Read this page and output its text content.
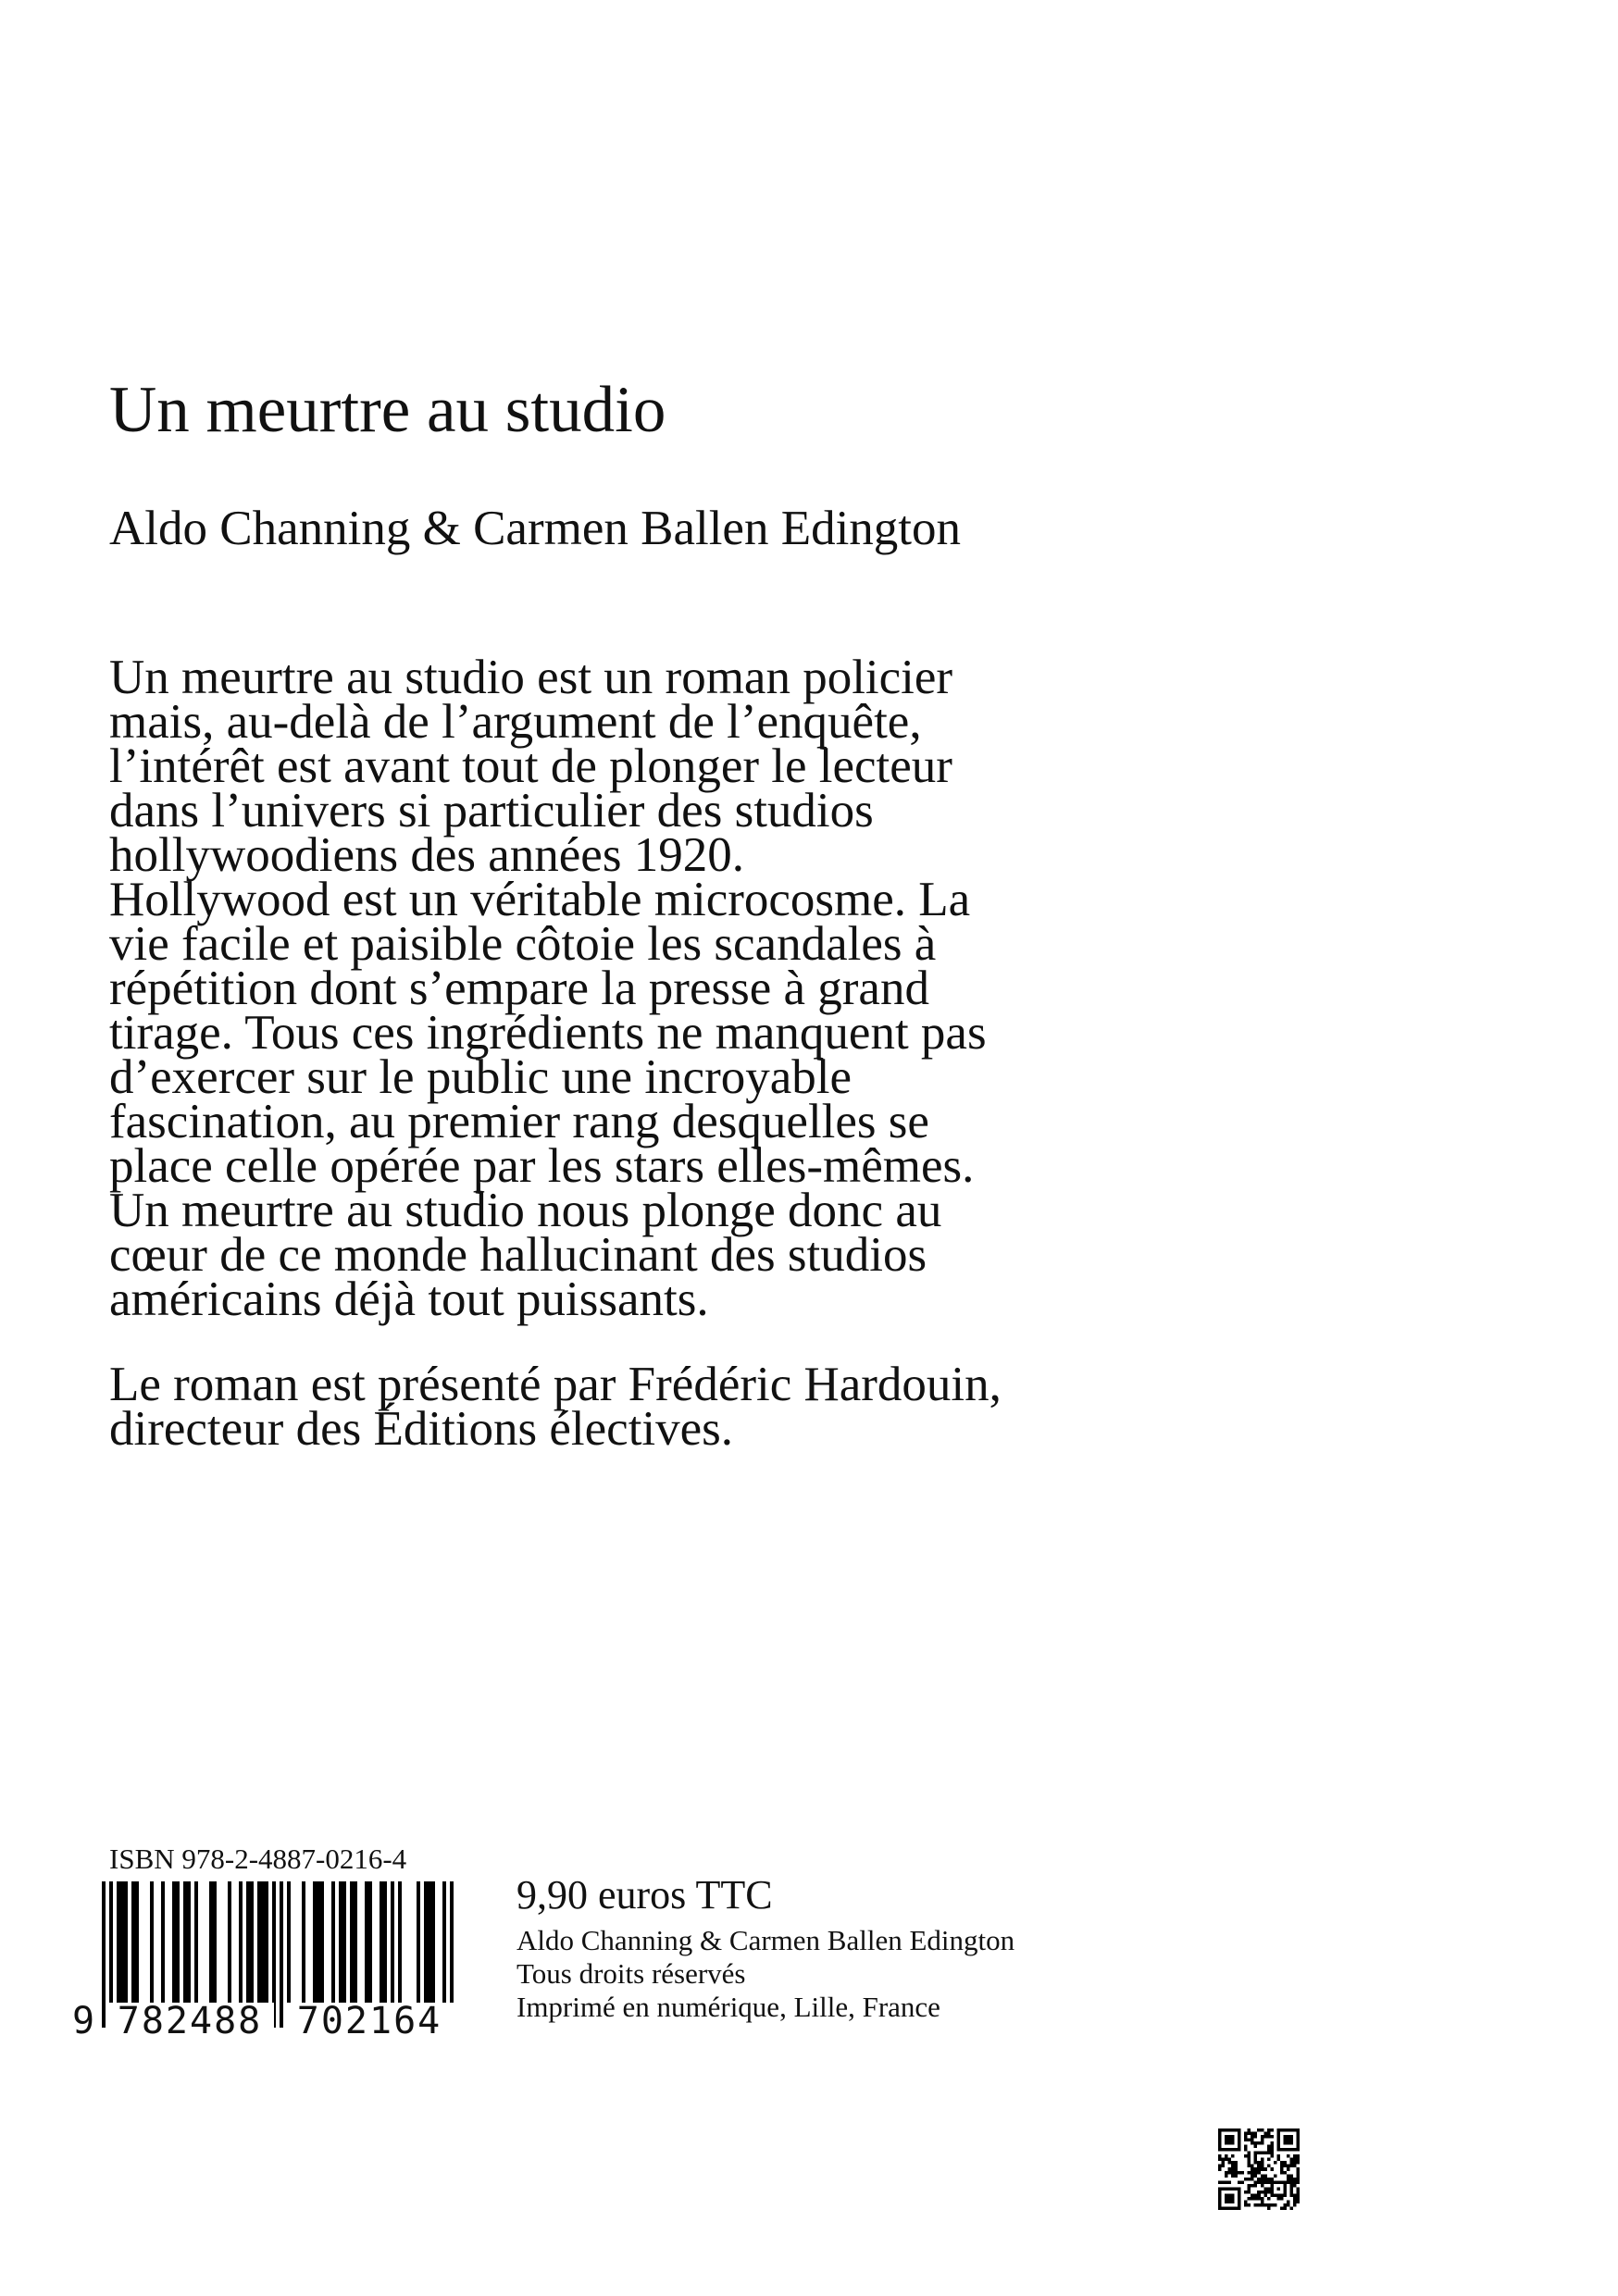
Un meurtre au studio
Aldo Channing & Carmen Ballen Edington

Un meurtre au studio est un roman policier
mais, au-delà de l’argument de l’enquête,
l’intérêt est avant tout de plonger le lecteur
dans l’univers si particulier des studios
hollywoodiens des années 1920.
Hollywood est un véritable microcosme. La
vie facile et paisible côtoie les scandales à
répétition dont s’empare la presse à grand
tirage. Tous ces ingrédients ne manquent pas
d’exercer sur le public une incroyable
fascination, au premier rang desquelles se
place celle opérée par les stars elles-mêmes.
Un meurtre au studio nous plonge donc au
cœur de ce monde hallucinant des studios
américains déjà tout puissants.

Le roman est présenté par Frédéric Hardouin,
directeur des Éditions électives.

ISBN 978-2-4887-0216-4
9 782488 702164
9,90 euros TTC
Aldo Channing & Carmen Ballen Edington
Tous droits réservés
Imprimé en numérique, Lille, France
